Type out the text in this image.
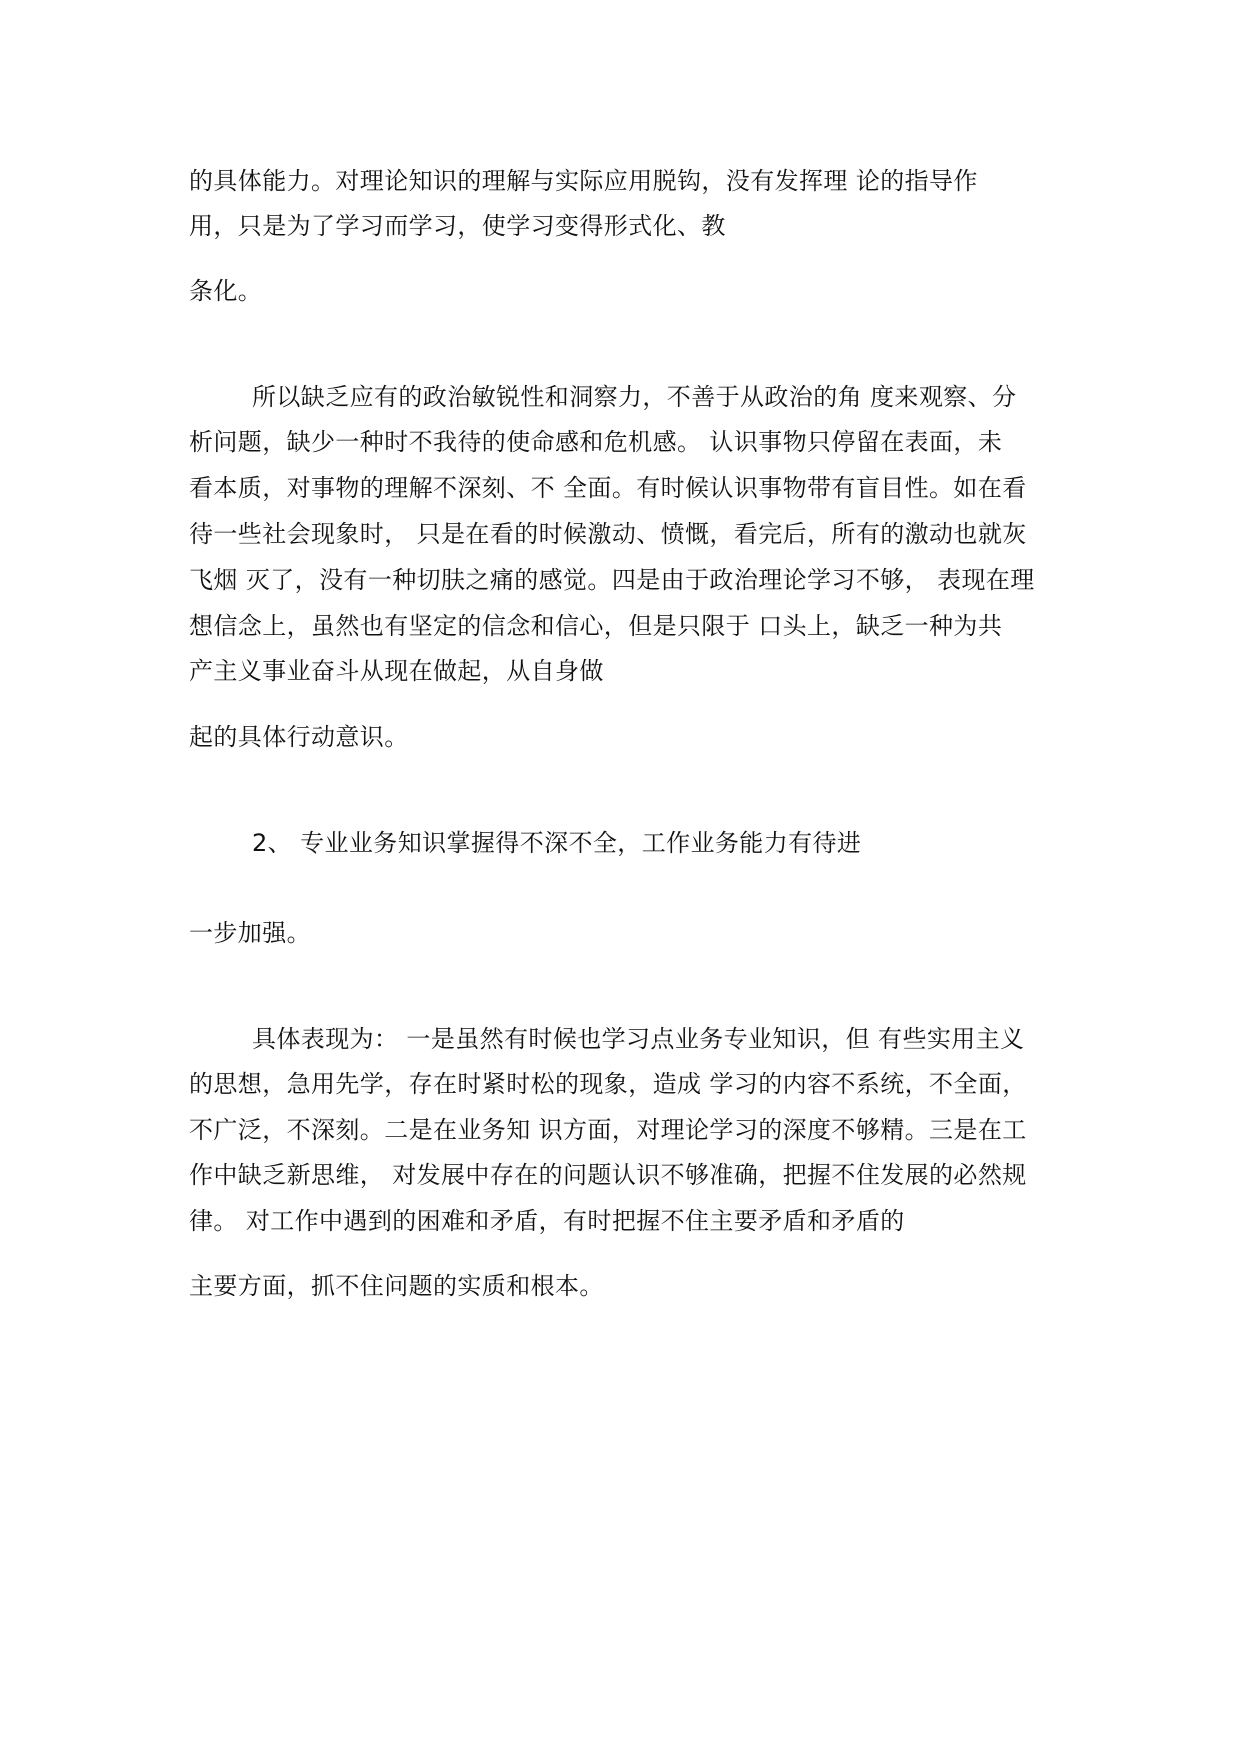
的具体能力。对理论知识的理解与实际应用脱钩，没有发挥理 论的指导作
用，只是为了学习而学习，使学习变得形式化、教
条化。
所以缺乏应有的政治敏锐性和洞察力，不善于从政治的角 度来观察、分
析问题，缺少一种时不我待的使命感和危机感。 认识事物只停留在表面，未
看本质，对事物的理解不深刻、不 全面。有时候认识事物带有盲目性。如在看
待一些社会现象时， 只是在看的时候激动、愤慨，看完后，所有的激动也就灰
飞烟 灭了，没有一种切肤之痛的感觉。四是由于政治理论学习不够， 表现在理
想信念上，虽然也有坚定的信念和信心，但是只限于 口头上，缺乏一种为共
产主义事业奋斗从现在做起，从自身做
起的具体行动意识。
2、 专业业务知识掌握得不深不全，工作业务能力有待进
一步加强。
具体表现为： 一是虽然有时候也学习点业务专业知识，但 有些实用主义
的思想，急用先学，存在时紧时松的现象，造成 学习的内容不系统，不全面，
不广泛，不深刻。二是在业务知 识方面，对理论学习的深度不够精。三是在工
作中缺乏新思维， 对发展中存在的问题认识不够准确，把握不住发展的必然规
律。 对工作中遇到的困难和矛盾，有时把握不住主要矛盾和矛盾的
主要方面，抓不住问题的实质和根本。
